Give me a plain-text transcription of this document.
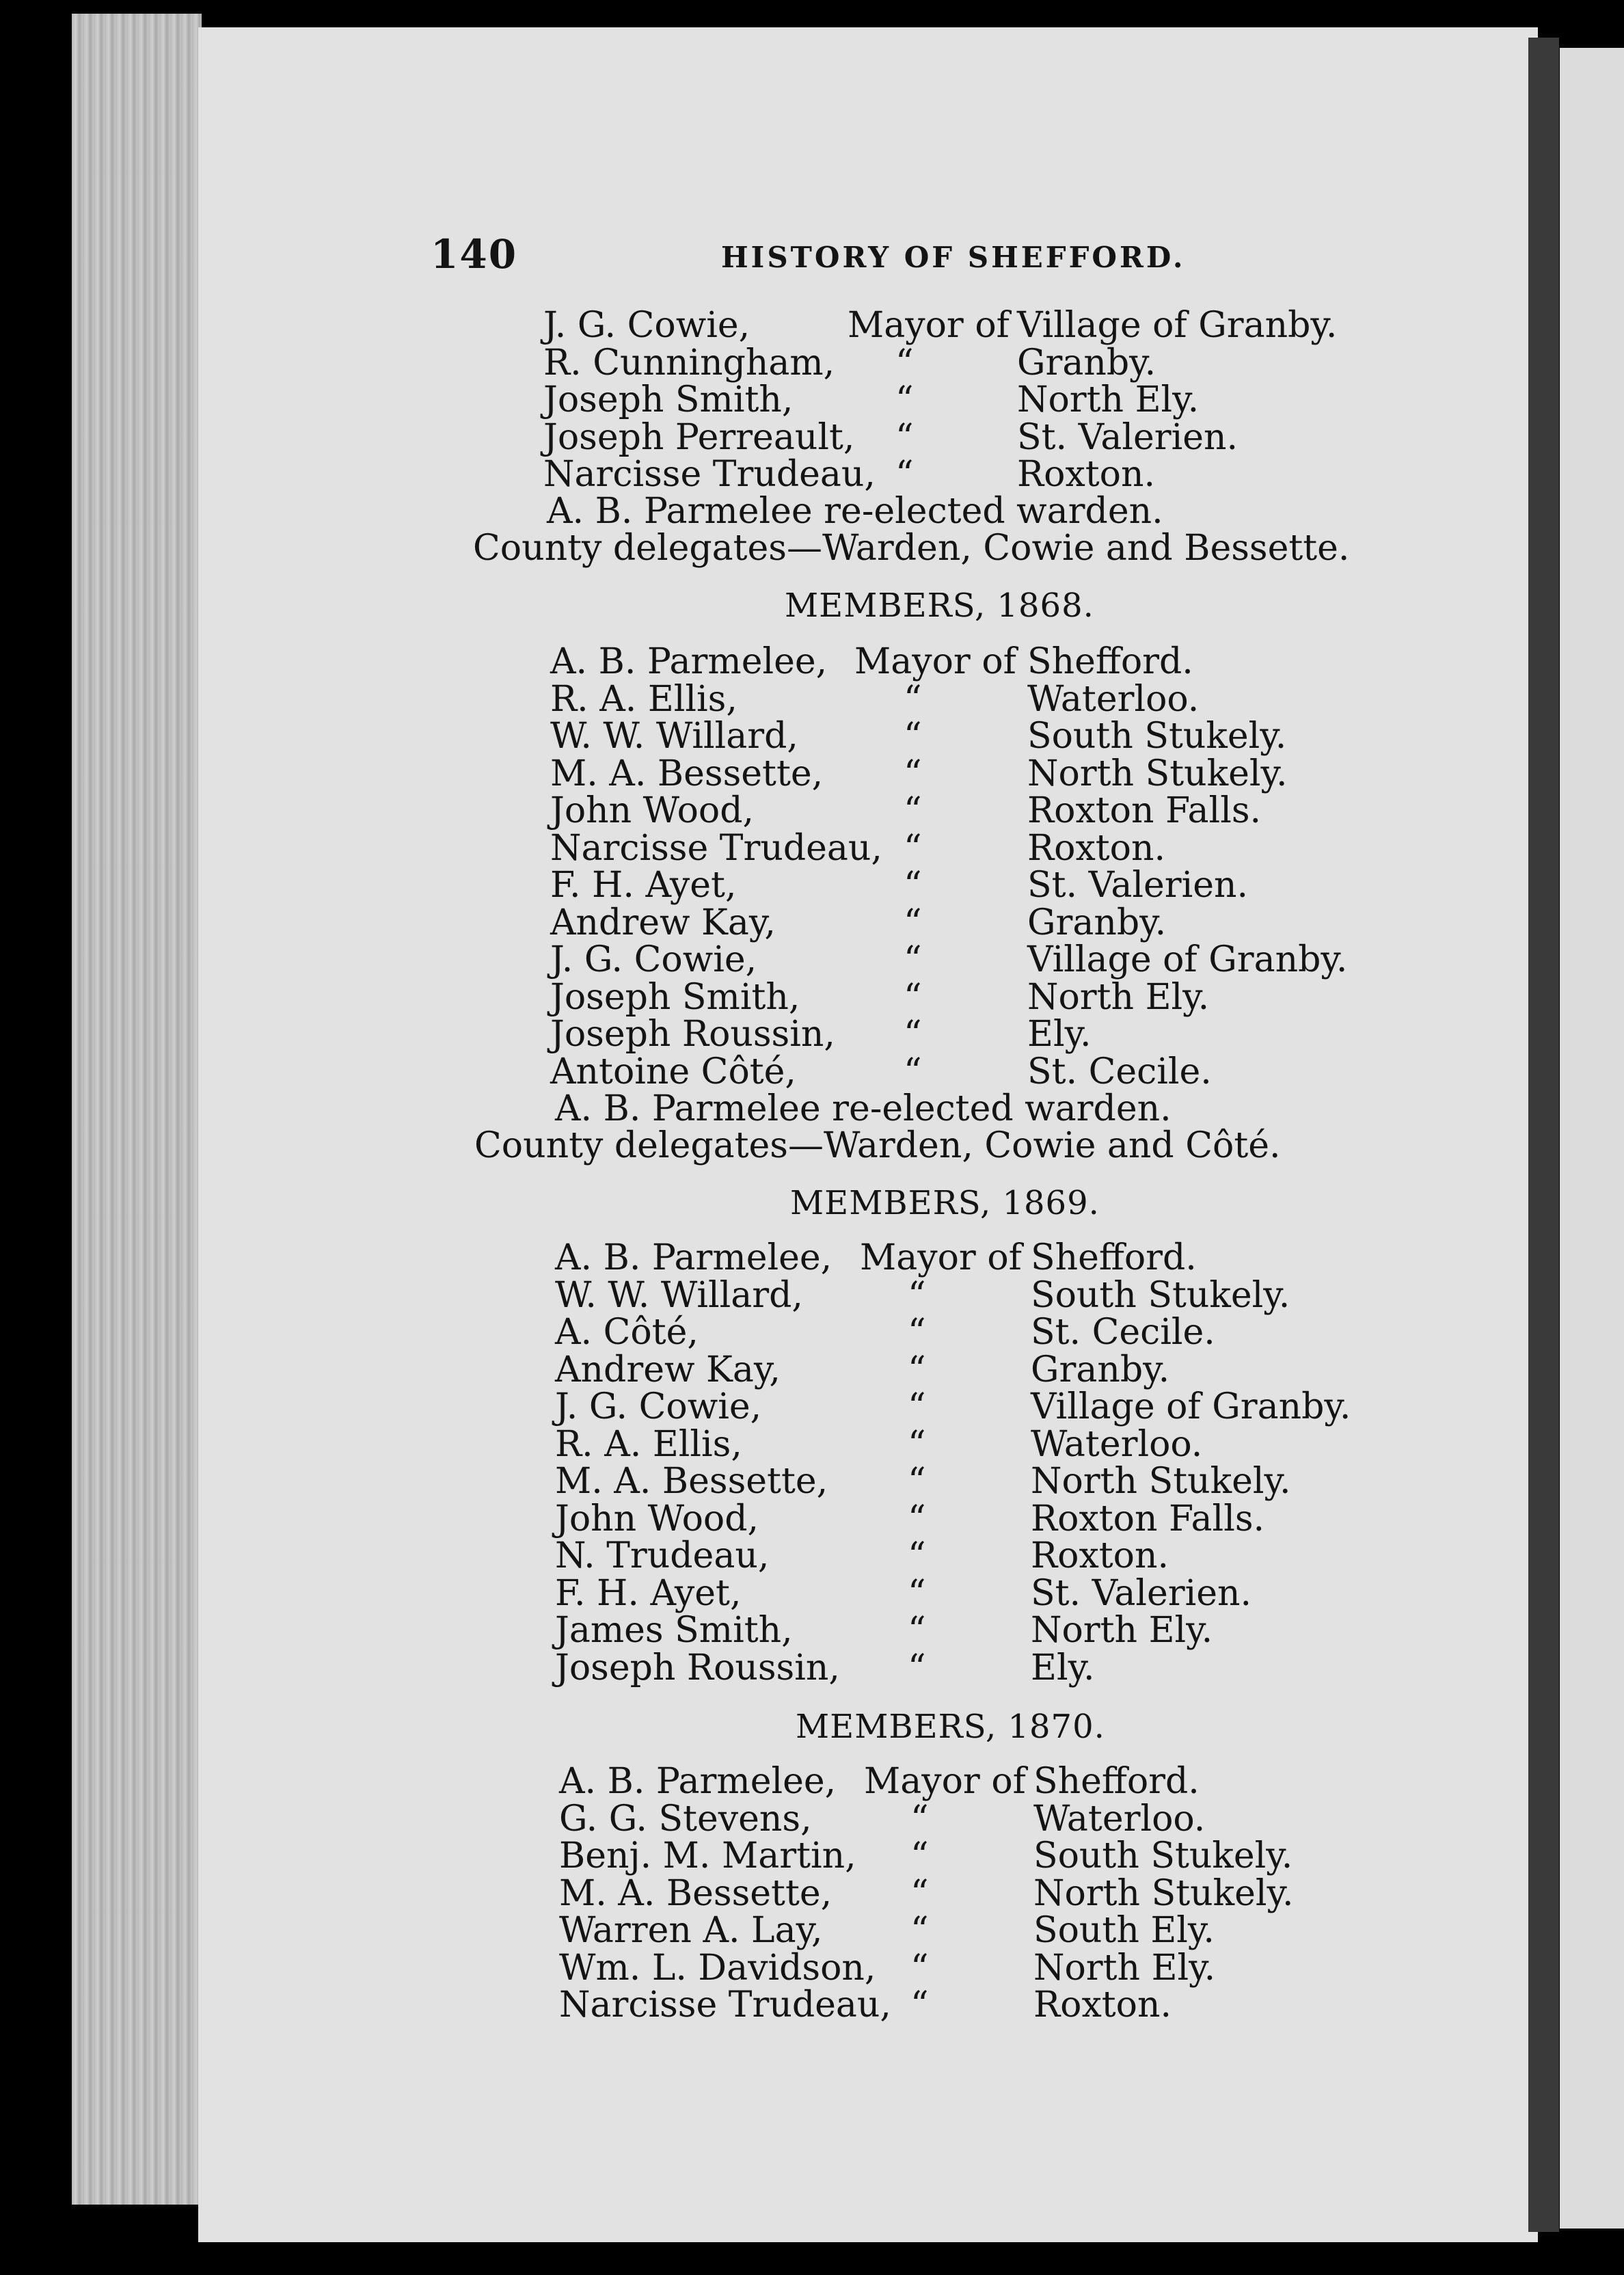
140	HISTORY OF SHEFFORD.
J. G. Cowie,	Mayor of Village of Granby.
R. Cunningham, “	Granby.
Joseph Smith,	“	North Ely.
Joseph Perreault, “	St. Valerien.
Narcisse Trudeau, “	Roxton.
A. B. Parmelee re-elected warden.
County delegates—Warden, Cowie and Bessette.
MEMBERS, 1868.
A. B. Parmelee, Mayor of Shefford.
R. A. Ellis,	“	Waterloo.
W. W. Willard,	“	South Stukely.
M. A. Bessette, “	North Stukely.
John Wood,	“	Roxton Falls.
Narcisse Trudeau, “	Roxton.
F. H. Ayet,	“	St. Valerien.
Andrew Kay,	“	Granby.
J. G. Cowie,	“	Village of Granby.
Joseph Smith,	“	North Ely.
Joseph Roussin, “	Ely.
Antoine Côté,	“	St. Cecile.
A. B. Parmelee re-elected warden.
County delegates—Warden, Cowie and Côté.
MEMBERS, 1869.
A. B. Parmelee, Mayor of Shefford.
W. W. Willard,	“	South Stukely.
A. Côté,	“	St. Cecile.
Andrew Kay,	“	Granby.
J. G. Cowie,	“	Village of Granby.
R. A. Ellis,	“	Waterloo.
M. A. Bessette, “	North Stukely.
John Wood,	“	Roxton Falls.
N. Trudeau,	“	Roxton.
F. H. Ayet,	“	St. Valerien.
James Smith,	“	North Ely.
Joseph Roussin, “	Ely.
MEMBERS, 1870.
A. B. Parmelee, Mayor of Shefford.
G. G. Stevens,	“	Waterloo.
Benj. M. Martin, “	South Stukely.
M. A. Bessette, “	North Stukely.
Warren A. Lay, “	South Ely.
Wm. L. Davidson, “	North Ely.
Narcisse Trudeau, “	Roxton.
